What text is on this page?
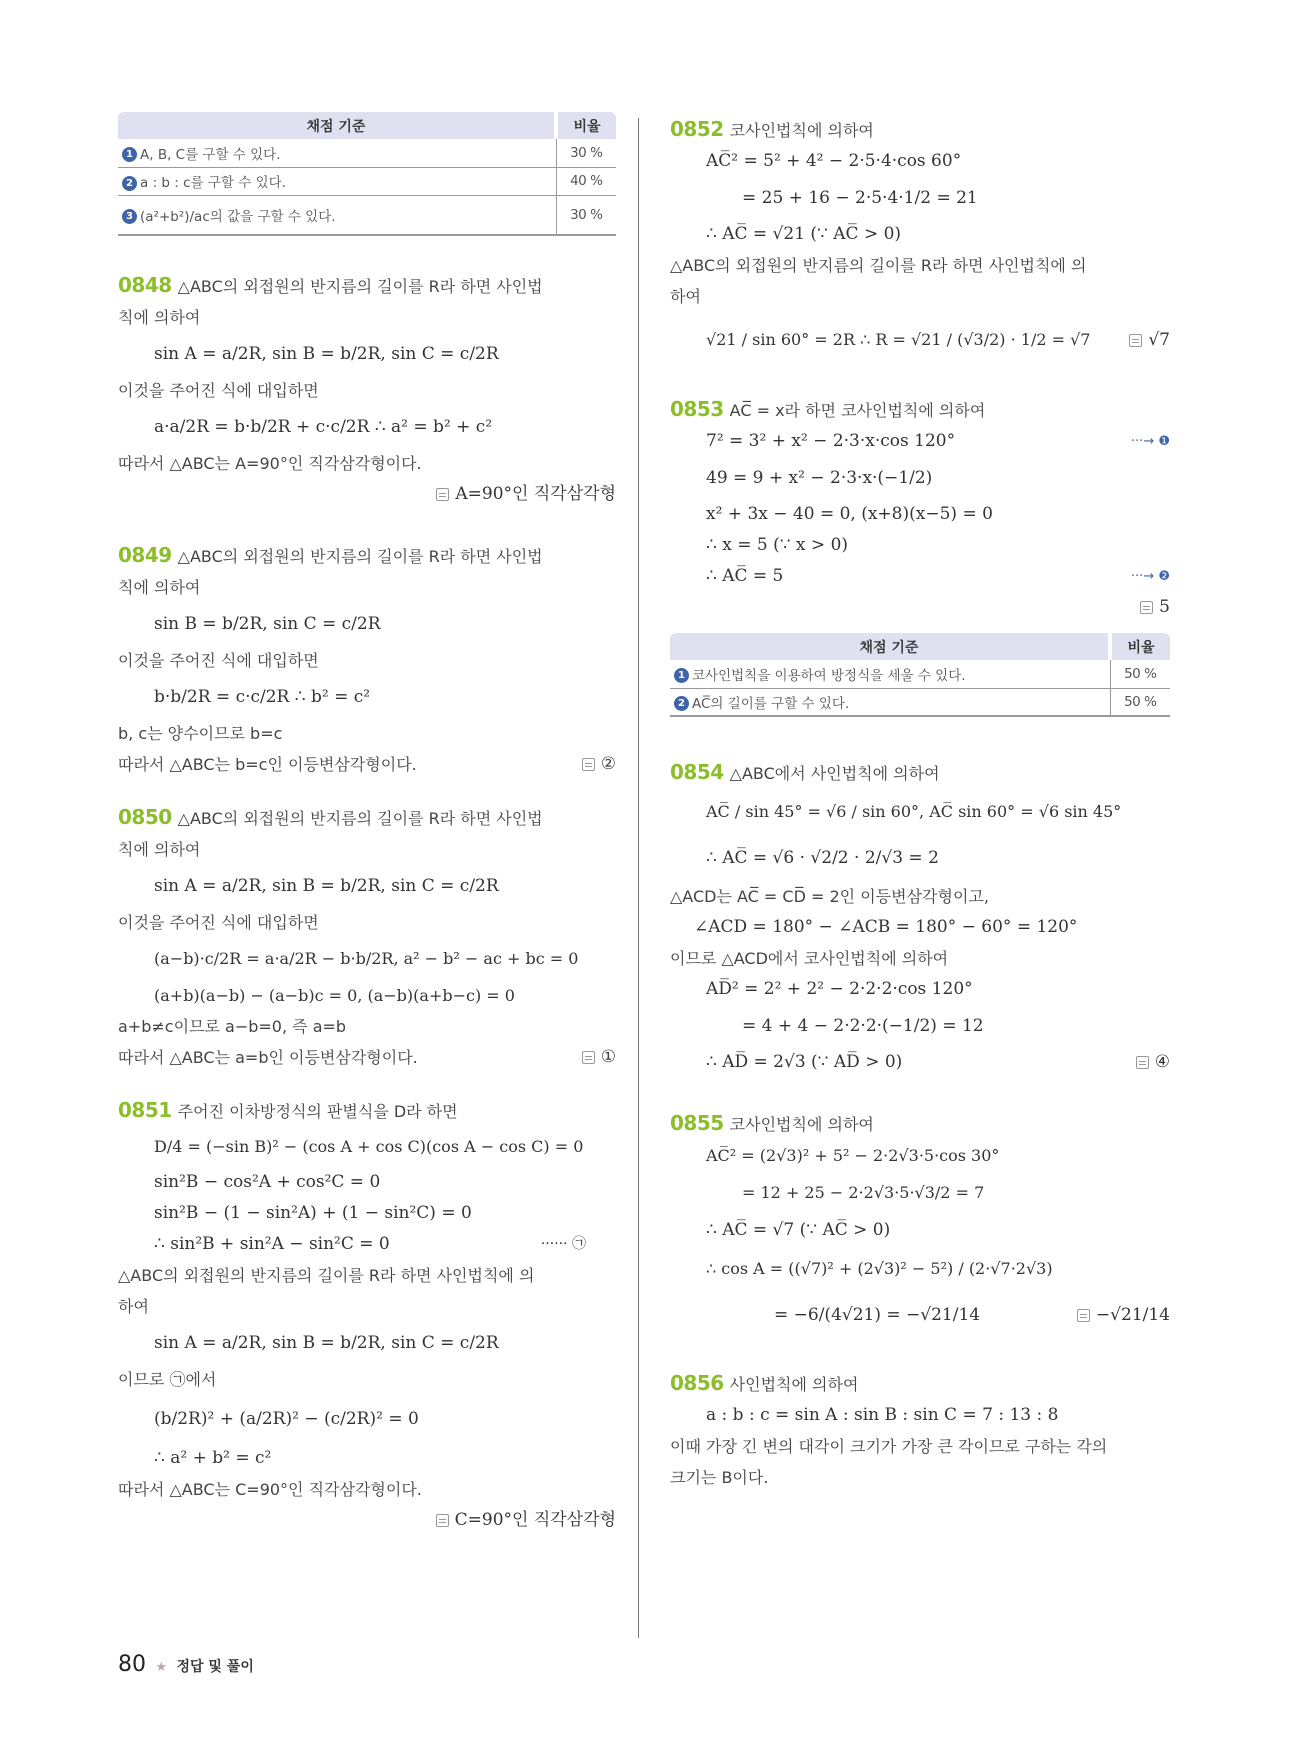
채점 기준	비율
1 A, B, C를 구할 수 있다.	30 %
2 a : b : c를 구할 수 있다.	40 %
3 (a²+b²)/ac의 값을 구할 수 있다.	30 %
0848 △ABC의 외접원의 반지름의 길이를 R라 하면 사인법
칙에 의하여
sin A = a/2R, sin B = b/2R, sin C = c/2R
이것을 주어진 식에 대입하면
a·a/2R = b·b/2R + c·c/2R ∴ a² = b² + c²
따라서 △ABC는 A=90°인 직각삼각형이다.
A=90°인 직각삼각형
0849 △ABC의 외접원의 반지름의 길이를 R라 하면 사인법
칙에 의하여
sin B = b/2R, sin C = c/2R
이것을 주어진 식에 대입하면
b·b/2R = c·c/2R ∴ b² = c²
b, c는 양수이므로 b=c
따라서 △ABC는 b=c인 이등변삼각형이다.	②
0850 △ABC의 외접원의 반지름의 길이를 R라 하면 사인법
칙에 의하여
sin A = a/2R, sin B = b/2R, sin C = c/2R
이것을 주어진 식에 대입하면
(a−b)·c/2R = a·a/2R − b·b/2R, a² − b² − ac + bc = 0
(a+b)(a−b) − (a−b)c = 0, (a−b)(a+b−c) = 0
a+b≠c이므로 a−b=0, 즉 a=b
따라서 △ABC는 a=b인 이등변삼각형이다.	①
0851 주어진 이차방정식의 판별식을 D라 하면
D/4 = (−sin B)² − (cos A + cos C)(cos A − cos C) = 0
sin²B − cos²A + cos²C = 0
sin²B − (1 − sin²A) + (1 − sin²C) = 0
∴ sin²B + sin²A − sin²C = 0	······ ㉠
△ABC의 외접원의 반지름의 길이를 R라 하면 사인법칙에 의
하여
sin A = a/2R, sin B = b/2R, sin C = c/2R
이므로 ㉠에서
(b/2R)² + (a/2R)² − (c/2R)² = 0
∴ a² + b² = c²
따라서 △ABC는 C=90°인 직각삼각형이다.
C=90°인 직각삼각형
0852 코사인법칙에 의하여
AC̅² = 5² + 4² − 2·5·4·cos 60°
= 25 + 16 − 2·5·4·1/2 = 21
∴ AC̅ = √21 (∵ AC̅ > 0)
△ABC의 외접원의 반지름의 길이를 R라 하면 사인법칙에 의
하여
√21 / sin 60° = 2R ∴ R = √21 / (√3/2) · 1/2 = √7	√7
0853 AC̅ = x라 하면 코사인법칙에 의하여
7² = 3² + x² − 2·3·x·cos 120°	···→ ❶
49 = 9 + x² − 2·3·x·(−1/2)
x² + 3x − 40 = 0, (x+8)(x−5) = 0
∴ x = 5 (∵ x > 0)
∴ AC̅ = 5	···→ ❷
5
채점 기준	비율
1 코사인법칙을 이용하여 방정식을 세울 수 있다.	50 %
2 AC̅의 길이를 구할 수 있다.	50 %
0854 △ABC에서 사인법칙에 의하여
AC̅ / sin 45° = √6 / sin 60°, AC̅ sin 60° = √6 sin 45°
∴ AC̅ = √6 · √2/2 · 2/√3 = 2
△ACD는 AC̅ = CD̅ = 2인 이등변삼각형이고,
∠ACD = 180° − ∠ACB = 180° − 60° = 120°
이므로 △ACD에서 코사인법칙에 의하여
AD̅² = 2² + 2² − 2·2·2·cos 120°
= 4 + 4 − 2·2·2·(−1/2) = 12
∴ AD̅ = 2√3 (∵ AD̅ > 0)	④
0855 코사인법칙에 의하여
AC̅² = (2√3)² + 5² − 2·2√3·5·cos 30°
= 12 + 25 − 2·2√3·5·√3/2 = 7
∴ AC̅ = √7 (∵ AC̅ > 0)
∴ cos A = ((√7)² + (2√3)² − 5²) / (2·√7·2√3)
= −6/(4√21) = −√21/14	−√21/14
0856 사인법칙에 의하여
a : b : c = sin A : sin B : sin C = 7 : 13 : 8
이때 가장 긴 변의 대각이 크기가 가장 큰 각이므로 구하는 각의
크기는 B이다.
80 ★ 정답 및 풀이
